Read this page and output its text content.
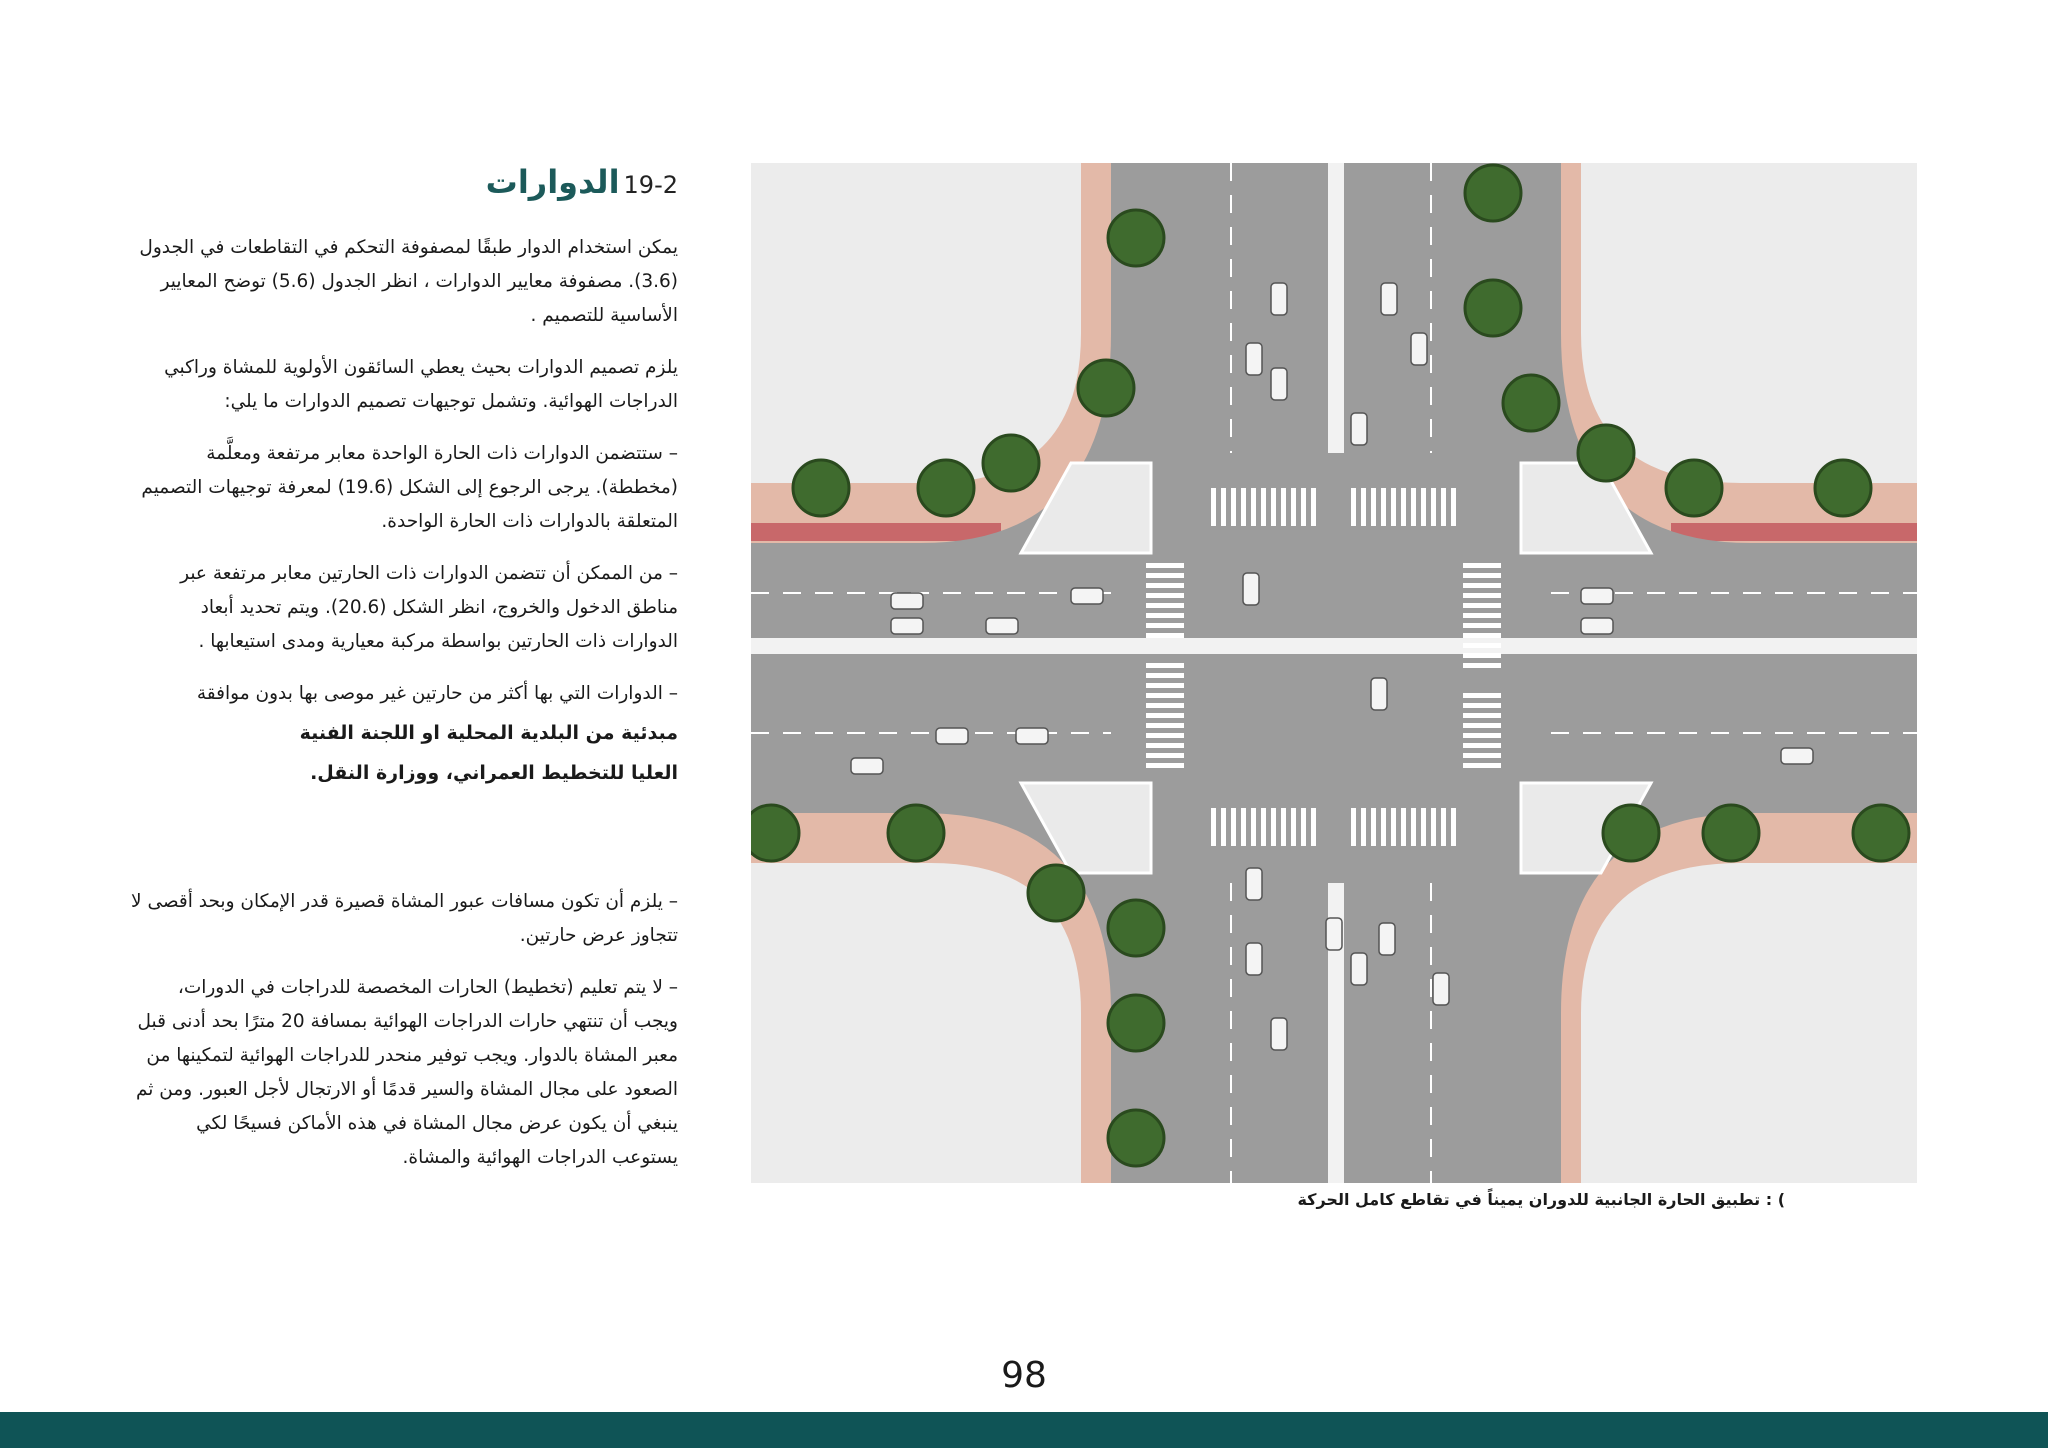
19-2الدوارات

يمكن استخدام الدوار طبقًا لمصفوفة التحكم في التقاطعات في الجدول (3.6). مصفوفة معايير الدوارات ، انظر الجدول (5.6) توضح المعايير الأساسية للتصميم .

يلزم تصميم الدوارات بحيث يعطي السائقون الأولوية للمشاة وراكبي الدراجات الهوائية. وتشمل توجيهات تصميم الدوارات ما يلي:

– ستتضمن الدوارات ذات الحارة الواحدة معابر مرتفعة ومعلَّمة (مخططة). يرجى الرجوع إلى الشكل (19.6) لمعرفة توجيهات التصميم المتعلقة بالدوارات ذات الحارة الواحدة.

– من الممكن أن تتضمن الدوارات ذات الحارتين معابر مرتفعة عبر مناطق الدخول والخروج، انظر الشكل (20.6). ويتم تحديد أبعاد الدوارات ذات الحارتين بواسطة مركبة معيارية ومدى استيعابها .

– الدوارات التي بها أكثر من حارتين غير موصى بها بدون موافقة

مبدئية من البلدية المحلية او اللجنة الفنية
العليا للتخطيط العمراني، ووزارة النقل.

– يلزم أن تكون مسافات عبور المشاة قصيرة قدر الإمكان وبحد أقصى لا تتجاوز عرض حارتين.

– لا يتم تعليم (تخطيط) الحارات المخصصة للدراجات في الدورات، ويجب أن تنتهي حارات الدراجات الهوائية بمسافة 20 مترًا بحد أدنى قبل معبر المشاة بالدوار. ويجب توفير منحدر للدراجات الهوائية لتمكينها من الصعود على مجال المشاة والسير قدمًا أو الارتجال لأجل العبور. ومن ثم ينبغي أن يكون عرض مجال المشاة في هذه الأماكن فسيحًا لكي يستوعب الدراجات الهوائية والمشاة.

) : تطبيق الحارة الجانبية للدوران يميناً في تقاطع كامل الحركة
98
